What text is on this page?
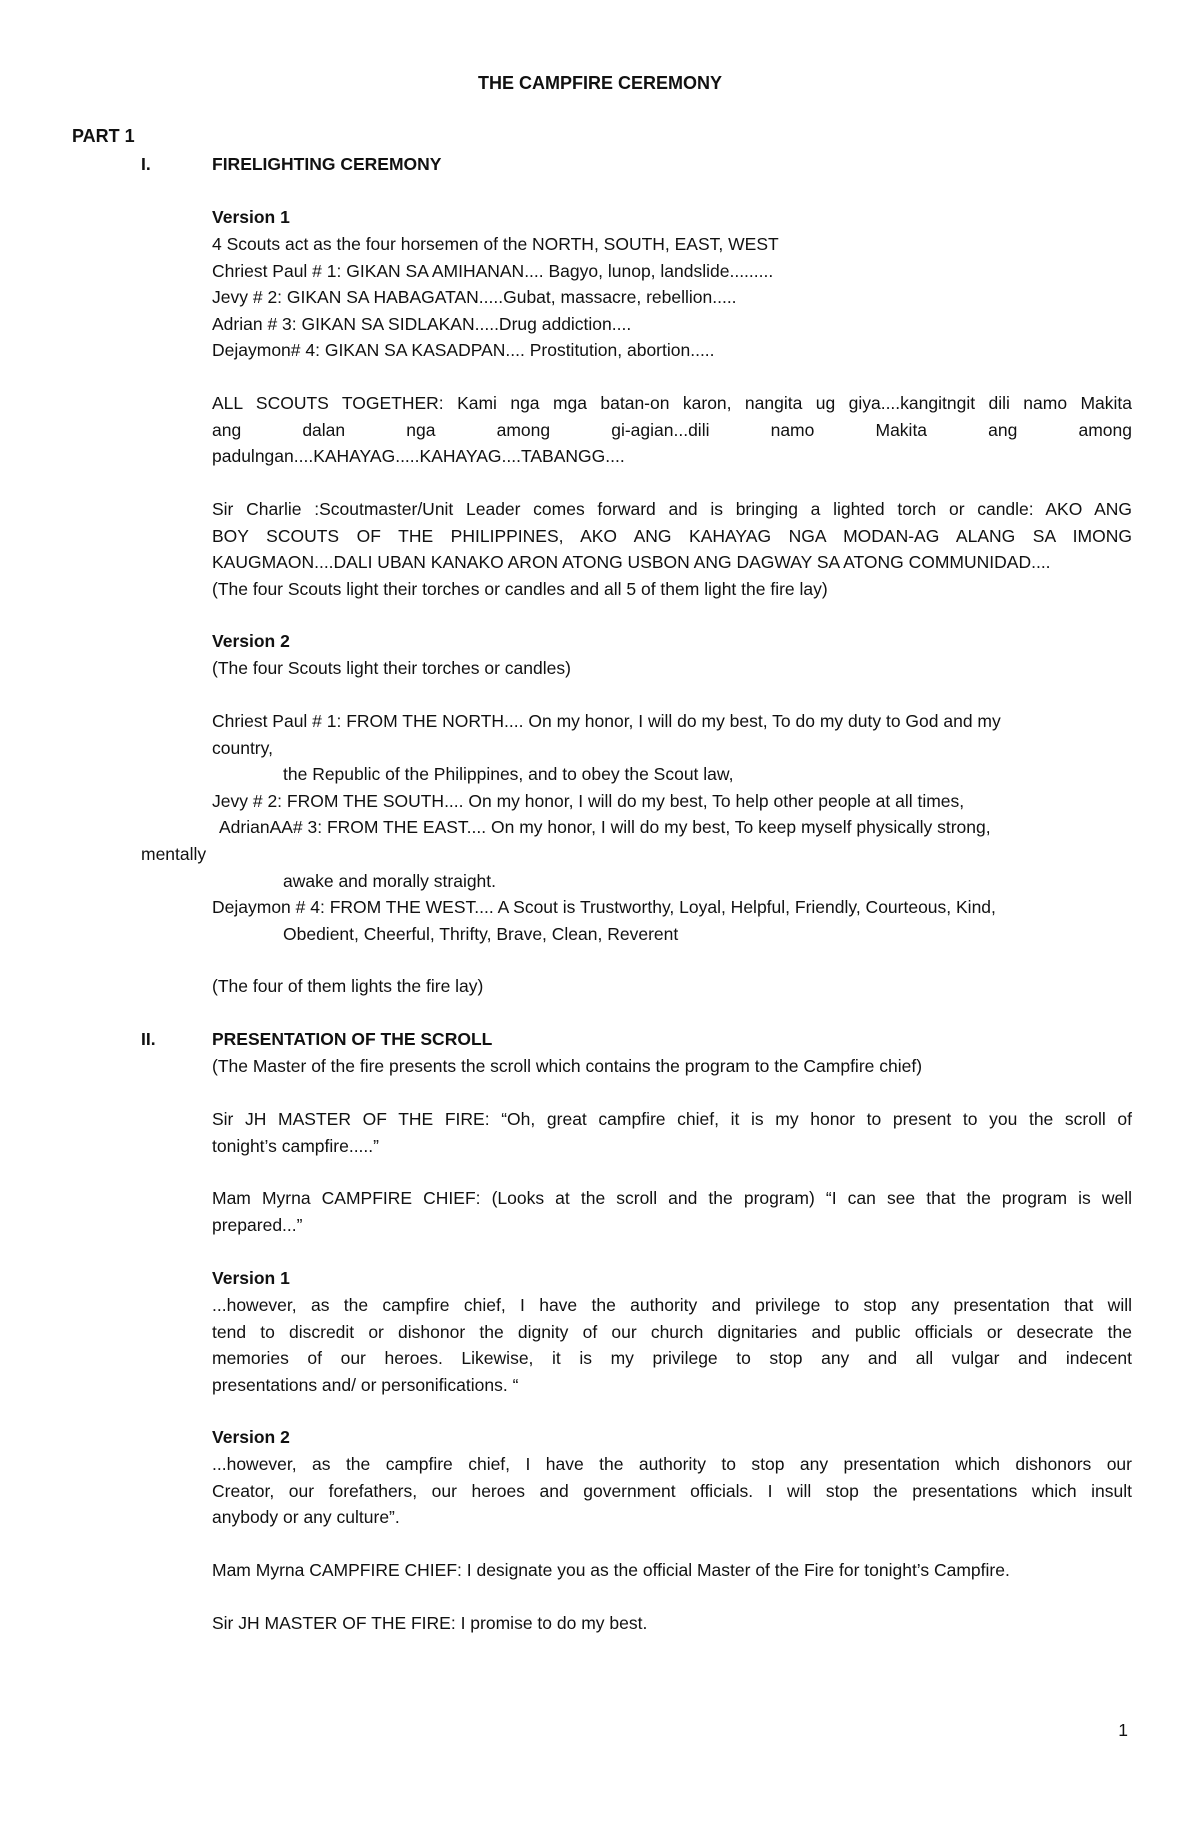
THE CAMPFIRE CEREMONY
PART 1
I.	FIRELIGHTING CEREMONY
Version 1
4 Scouts act as the four horsemen of the NORTH, SOUTH, EAST, WEST
Chriest Paul # 1: GIKAN SA AMIHANAN.... Bagyo, lunop, landslide.........
Jevy # 2: GIKAN SA HABAGATAN.....Gubat, massacre, rebellion.....
Adrian # 3: GIKAN SA SIDLAKAN.....Drug addiction....
Dejaymon# 4: GIKAN SA KASADPAN.... Prostitution, abortion.....
ALL SCOUTS TOGETHER: Kami nga mga batan-on karon, nangita ug giya....kangitngit dili namo Makita
ang dalan nga among gi-agian...dili namo Makita ang among
padulngan....KAHAYAG.....KAHAYAG....TABANGG....
Sir Charlie :Scoutmaster/Unit Leader comes forward and is bringing a lighted torch or candle: AKO ANG
BOY SCOUTS OF THE PHILIPPINES, AKO ANG KAHAYAG NGA MODAN-AG ALANG SA IMONG
KAUGMAON....DALI UBAN KANAKO ARON ATONG USBON ANG DAGWAY SA ATONG COMMUNIDAD....
(The four Scouts light their torches or candles and all 5 of them light the fire lay)
Version 2
(The four Scouts light their torches or candles)
Chriest Paul # 1: FROM THE NORTH.... On my honor, I will do my best, To do my duty to God and my
country,
the Republic of the Philippines, and to obey the Scout law,
Jevy # 2: FROM THE SOUTH.... On my honor, I will do my best, To help other people at all times,
AdrianAA# 3: FROM THE EAST.... On my honor, I will do my best, To keep myself physically strong,
mentally
awake and morally straight.
Dejaymon # 4: FROM THE WEST.... A Scout is Trustworthy, Loyal, Helpful, Friendly, Courteous, Kind,
Obedient, Cheerful, Thrifty, Brave, Clean, Reverent
(The four of them lights the fire lay)
II.	PRESENTATION OF THE SCROLL
(The Master of the fire presents the scroll which contains the program to the Campfire chief)
Sir JH MASTER OF THE FIRE: “Oh, great campfire chief, it is my honor to present to you the scroll of
tonight’s campfire.....”
Mam Myrna CAMPFIRE CHIEF: (Looks at the scroll and the program) “I can see that the program is well
prepared...”
Version 1
...however, as the campfire chief, I have the authority and privilege to stop any presentation that will
tend to discredit or dishonor the dignity of our church dignitaries and public officials or desecrate the
memories of our heroes. Likewise, it is my privilege to stop any and all vulgar and indecent
presentations and/ or personifications. “
Version 2
...however, as the campfire chief, I have the authority to stop any presentation which dishonors our
Creator, our forefathers, our heroes and government officials. I will stop the presentations which insult
anybody or any culture”.
Mam Myrna CAMPFIRE CHIEF: I designate you as the official Master of the Fire for tonight’s Campfire.
Sir JH MASTER OF THE FIRE: I promise to do my best.
1
